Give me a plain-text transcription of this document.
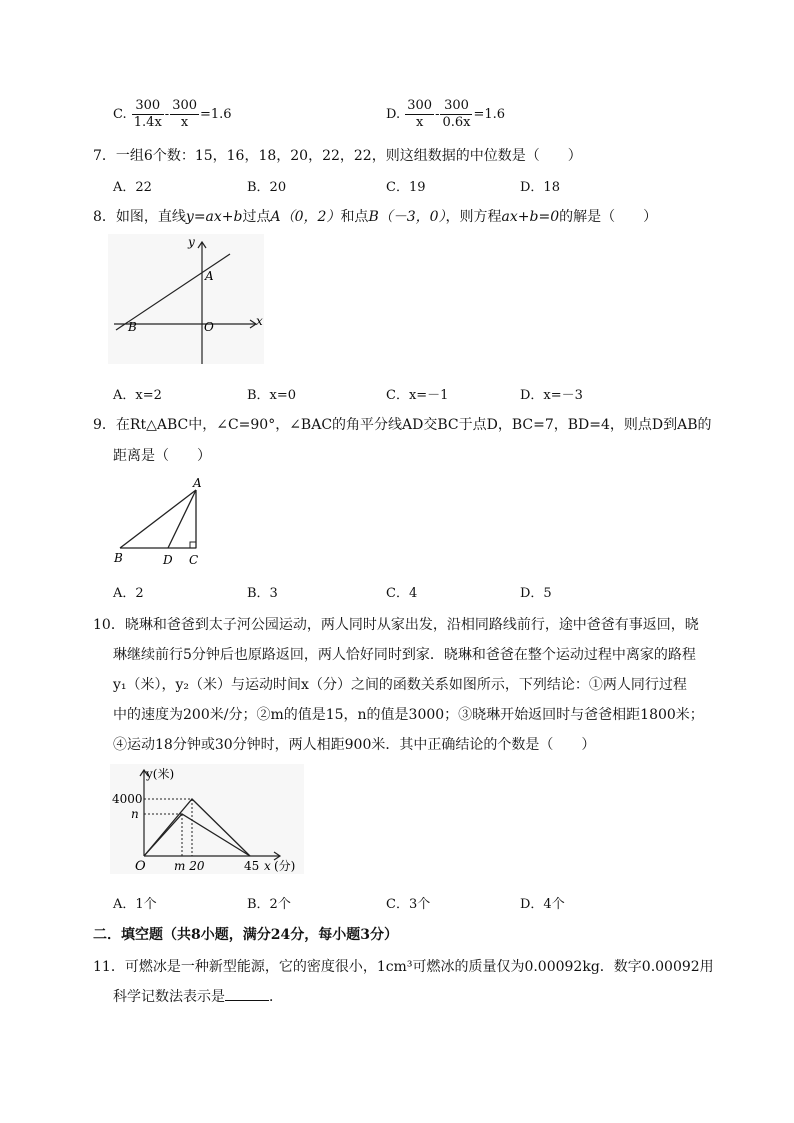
C. $\frac{300}{1.4x} - \frac{300}{x} =1.6$	D. $\frac{300}{x} - \frac{300}{0.6x} =1.6$
7．一组6个数：15，16，18，20，22，22，则这组数据的中位数是（　　）
A．22	B．20	C．19	D．18
8．如图，直线y=ax+b过点A（0，2）和点B（－3，0），则方程ax+b=0的解是（　　）
y
x
A
B	O
A．x=2	B．x=0	C．x=－1	D．x=－3
9．在Rt△ABC中，∠C=90°，∠BAC的角平分线AD交BC于点D，BC=7，BD=4，则点D到AB的
距离是（　　）
A
B	D C
A．2	B．3	C．4	D．5
10．晓琳和爸爸到太子河公园运动，两人同时从家出发，沿相同路线前行，途中爸爸有事返回，晓
琳继续前行5分钟后也原路返回，两人恰好同时到家．晓琳和爸爸在整个运动过程中离家的路程
y₁（米），y₂（米）与运动时间x（分）之间的函数关系如图所示，下列结论：①两人同行过程
中的速度为200米/分；②m的值是15，n的值是3000；③晓琳开始返回时与爸爸相距1800米；
④运动18分钟或30分钟时，两人相距900米．其中正确结论的个数是（　　）
y(米)
4000
n
O m 20	45 x (分)
A．1个	B．2个	C．3个	D．4个
二．填空题（共8小题，满分24分，每小题3分）
11．可燃冰是一种新型能源，它的密度很小，1cm³可燃冰的质量仅为0.00092kg．数字0.00092用
科学记数法表示是	．
